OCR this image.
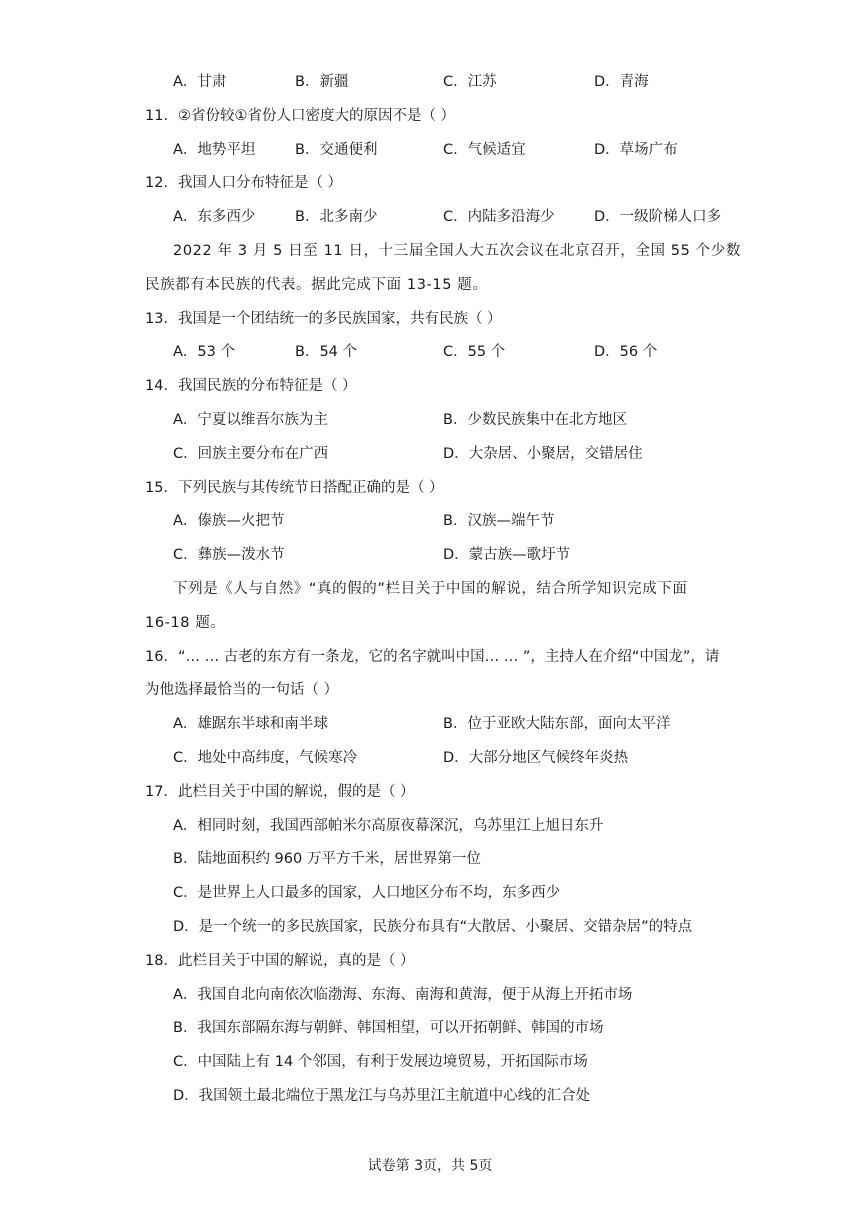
A．甘肃	B．新疆	C．江苏	D．青海
11．②省份较①省份人口密度大的原因不是（ ）
A．地势平坦	B．交通便利	C．气候适宜	D．草场广布
12．我国人口分布特征是（ ）
A．东多西少	B．北多南少	C．内陆多沿海少	D．一级阶梯人口多
2022 年 3 月 5 日至 11 日，十三届全国人大五次会议在北京召开，全国 55 个少数
民族都有本民族的代表。据此完成下面 13-15 题。
13．我国是一个团结统一的多民族国家，共有民族（ ）
A．53 个	B．54 个	C．55 个	D．56 个
14．我国民族的分布特征是（ ）
A．宁夏以维吾尔族为主	B．少数民族集中在北方地区
C．回族主要分布在广西	D．大杂居、小聚居，交错居住
15．下列民族与其传统节日搭配正确的是（ ）
A．傣族—火把节	B．汉族—端午节
C．彝族—泼水节	D．蒙古族—歌圩节
下列是《人与自然》“真的假的”栏目关于中国的解说，结合所学知识完成下面
16-18 题。
16．“… … 古老的东方有一条龙，它的名字就叫中国… … ”，主持人在介绍“中国龙”，请
为他选择最恰当的一句话（ ）
A．雄踞东半球和南半球	B．位于亚欧大陆东部，面向太平洋
C．地处中高纬度，气候寒冷	D．大部分地区气候终年炎热
17．此栏目关于中国的解说，假的是（ ）
A．相同时刻，我国西部帕米尔高原夜幕深沉，乌苏里江上旭日东升
B．陆地面积约 960 万平方千米，居世界第一位
C．是世界上人口最多的国家，人口地区分布不均，东多西少
D．是一个统一的多民族国家，民族分布具有“大散居、小聚居、交错杂居”的特点
18．此栏目关于中国的解说，真的是（ ）
A．我国自北向南依次临渤海、东海、南海和黄海，便于从海上开拓市场
B．我国东部隔东海与朝鲜、韩国相望，可以开拓朝鲜、韩国的市场
C．中国陆上有 14 个邻国，有利于发展边境贸易，开拓国际市场
D．我国领土最北端位于黑龙江与乌苏里江主航道中心线的汇合处
试卷第 3页，共 5页
